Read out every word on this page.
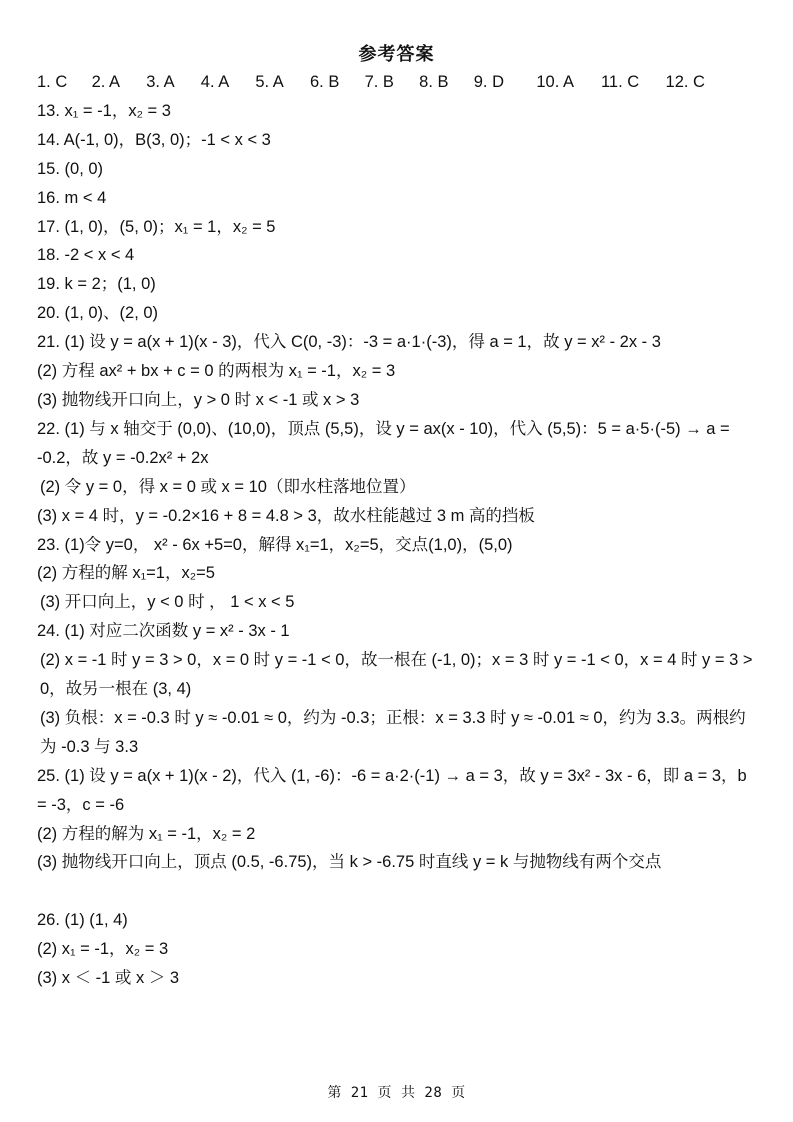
参考答案
1. C 2. A 3. A 4. A 5. A 6. B 7. B 8. B 9. D 10. A 11. C 12. C
13. x₁ = -1，x₂ = 3
14. A(-1, 0)，B(3, 0)；-1 < x < 3
15. (0, 0)
16. m < 4
17. (1, 0)，(5, 0)；x₁ = 1，x₂ = 5
18. -2 < x < 4
19. k = 2；(1, 0)
20. (1, 0)、(2, 0)
21. (1) 设 y = a(x + 1)(x - 3)，代入 C(0, -3)：-3 = a·1·(-3)，得 a = 1，故 y = x² - 2x - 3
(2) 方程 ax² + bx + c = 0 的两根为 x₁ = -1，x₂ = 3
(3) 抛物线开口向上，y > 0 时 x < -1 或 x > 3
22. (1) 与 x 轴交于 (0,0)、(10,0)，顶点 (5,5)，设 y = ax(x - 10)，代入 (5,5)：5 = a·5·(-5) → a = -0.2，故 y = -0.2x² + 2x
(2) 令 y = 0，得 x = 0 或 x = 10（即水柱落地位置）
(3) x = 4 时，y = -0.2×16 + 8 = 4.8 > 3，故水柱能越过 3 m 高的挡板
23. (1)令 y=0， x² - 6x +5=0，解得 x₁=1，x₂=5，交点(1,0)，(5,0)
(2) 方程的解 x₁=1，x₂=5
(3) 开口向上，y < 0 时 ， 1 < x < 5
24. (1) 对应二次函数 y = x² - 3x - 1
(2) x = -1 时 y = 3 > 0，x = 0 时 y = -1 < 0，故一根在 (-1, 0)；x = 3 时 y = -1 < 0，x = 4 时 y = 3 > 0，故另一根在 (3, 4)
(3) 负根：x = -0.3 时 y ≈ -0.01 ≈ 0，约为 -0.3；正根：x = 3.3 时 y ≈ -0.01 ≈ 0，约为 3.3。两根约为 -0.3 与 3.3
25. (1) 设 y = a(x + 1)(x - 2)，代入 (1, -6)：-6 = a·2·(-1) → a = 3，故 y = 3x² - 3x - 6，即 a = 3，b = -3，c = -6
(2) 方程的解为 x₁ = -1，x₂ = 2
(3) 抛物线开口向上，顶点 (0.5, -6.75)，当 k > -6.75 时直线 y = k 与抛物线有两个交点
26. (1) (1, 4)
(2) x₁ = -1，x₂ = 3
(3) x ＜ -1 或 x ＞ 3
第 21 页 共 28 页
